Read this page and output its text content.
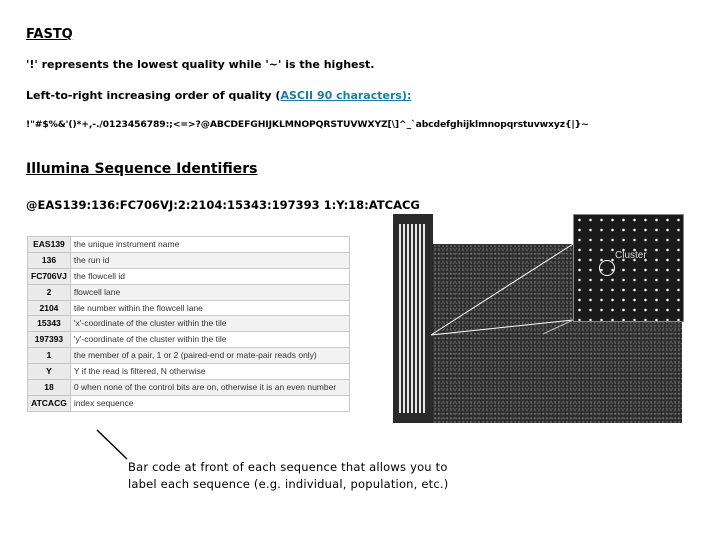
FASTQ
'!' represents the lowest quality while '~' is the highest.
Left-to-right increasing order of quality (ASCII 90 characters):
!"#$%&'()*+,-./0123456789:;<=>?@ABCDEFGHIJKLMNOPQRSTUVWXYZ[\]^_`abcdefghijklmnopqrstuvwxyz{|}~
Illumina Sequence Identifiers
@EAS139:136:FC706VJ:2:2104:15343:197393 1:Y:18:ATCACG
EAS139	the unique instrument name
136	the run id
FC706VJ	the flowcell id
2	flowcell lane
2104	tile number within the flowcell lane
15343	'x'-coordinate of the cluster within the tile
197393	'y'-coordinate of the cluster within the tile
1	the member of a pair, 1 or 2 (paired-end or mate-pair reads only)
Y	Y if the read is filtered, N otherwise
18	0 when none of the control bits are on, otherwise it is an even number
ATCACG	index sequence
Cluster
Bar code at front of each sequence that allows you to
label each sequence (e.g. individual, population, etc.)
